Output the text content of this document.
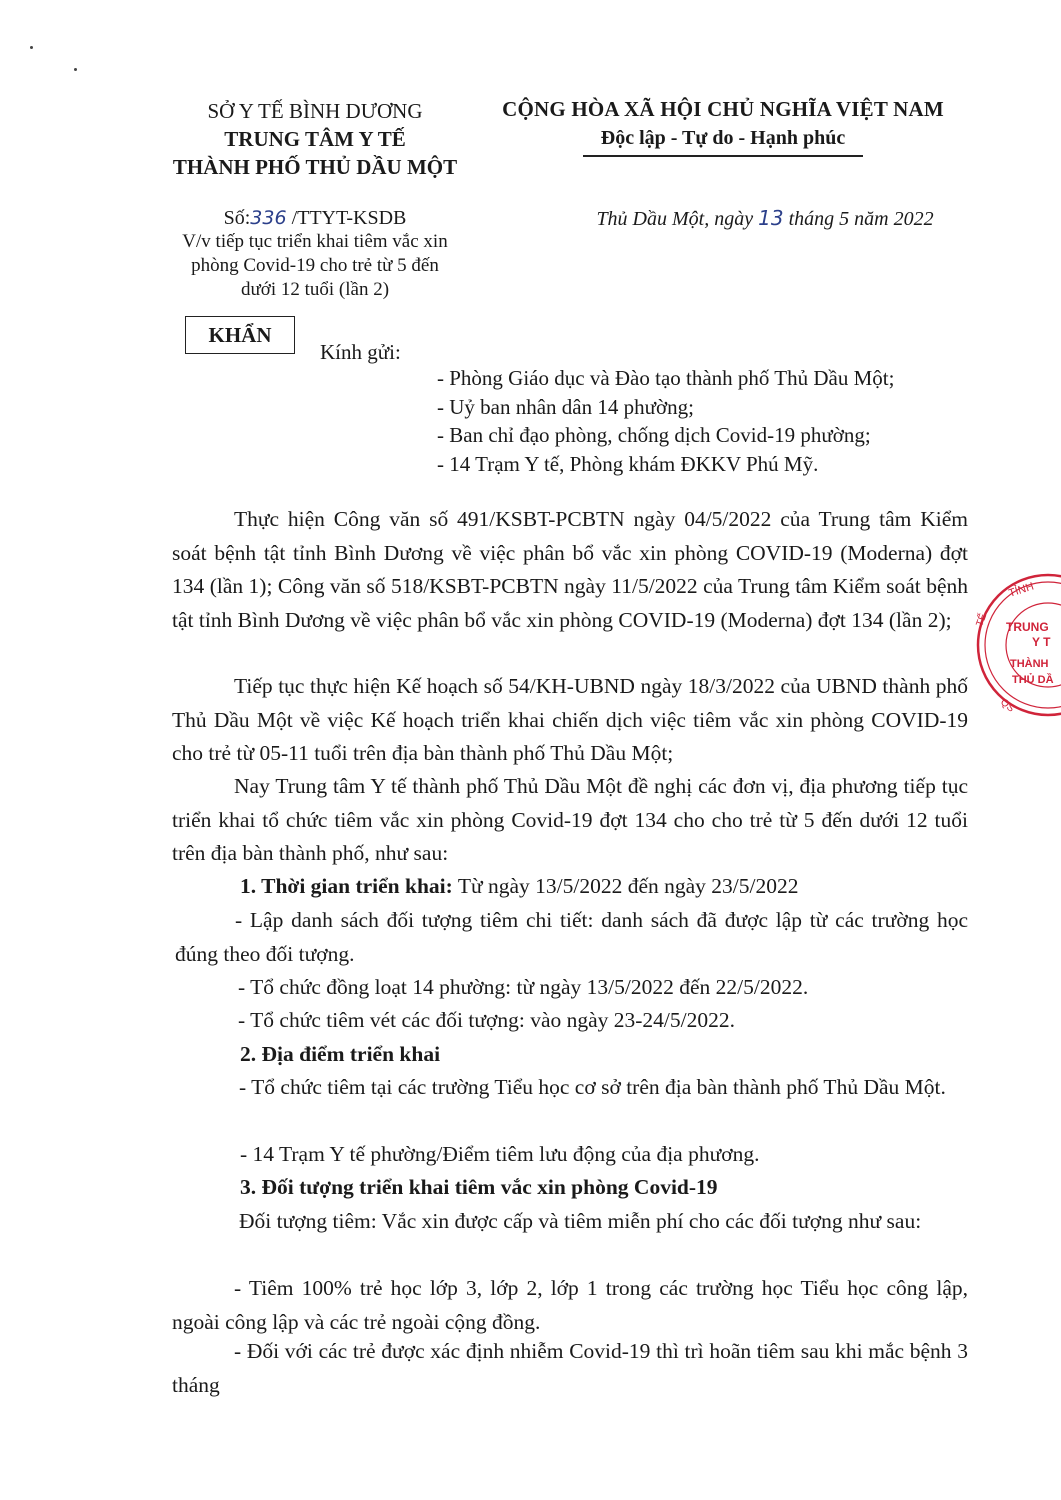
SỞ Y TẾ BÌNH DƯƠNG
TRUNG TÂM Y TẾ
THÀNH PHỐ THỦ DẦU MỘT
CỘNG HÒA XÃ HỘI CHỦ NGHĨA VIỆT NAM
Độc lập - Tự do - Hạnh phúc
Số:336 /TTYT-KSDB
V/v tiếp tục triển khai tiêm vắc xin
phòng Covid-19 cho trẻ từ 5 đến
dưới 12 tuổi (lần 2)
Thủ Dầu Một, ngày 13 tháng 5 năm 2022
KHẨN
Kính gửi:
- Phòng Giáo dục và Đào tạo thành phố Thủ Dầu Một;
- Uỷ ban nhân dân 14 phường;
- Ban chỉ đạo phòng, chống dịch Covid-19 phường;
- 14 Trạm Y tế, Phòng khám ĐKKV Phú Mỹ.
Thực hiện Công văn số 491/KSBT-PCBTN ngày 04/5/2022 của Trung tâm Kiểm soát bệnh tật tỉnh Bình Dương về việc phân bổ vắc xin phòng COVID-19 (Moderna) đợt 134 (lần 1); Công văn số 518/KSBT-PCBTN ngày 11/5/2022 của Trung tâm Kiểm soát bệnh tật tỉnh Bình Dương về việc phân bổ vắc xin phòng COVID-19 (Moderna) đợt 134 (lần 2);
Tiếp tục thực hiện Kế hoạch số 54/KH-UBND ngày 18/3/2022 của UBND thành phố Thủ Dầu Một về việc Kế hoạch triển khai chiến dịch việc tiêm vắc xin phòng COVID-19 cho trẻ từ 05-11 tuổi trên địa bàn thành phố Thủ Dầu Một;
Nay Trung tâm Y tế thành phố Thủ Dầu Một đề nghị các đơn vị, địa phương tiếp tục triển khai tổ chức tiêm vắc xin phòng Covid-19 đợt 134 cho cho trẻ từ 5 đến dưới 12 tuổi trên địa bàn thành phố, như sau:
1. Thời gian triển khai: Từ ngày 13/5/2022 đến ngày 23/5/2022
- Lập danh sách đối tượng tiêm chi tiết: danh sách đã được lập từ các trường học đúng theo đối tượng.
- Tổ chức đồng loạt 14 phường: từ ngày 13/5/2022 đến 22/5/2022.
- Tổ chức tiêm vét các đối tượng: vào ngày 23-24/5/2022.
2. Địa điểm triển khai
- Tổ chức tiêm tại các trường Tiểu học cơ sở trên địa bàn thành phố Thủ Dầu Một.
- 14 Trạm Y tế phường/Điểm tiêm lưu động của địa phương.
3. Đối tượng triển khai tiêm vắc xin phòng Covid-19
Đối tượng tiêm: Vắc xin được cấp và tiêm miễn phí cho các đối tượng như sau:
- Tiêm 100% trẻ học lớp 3, lớp 2, lớp 1 trong các trường học Tiểu học công lập, ngoài công lập và các trẻ ngoài cộng đồng.
- Đối với các trẻ được xác định nhiễm Covid-19 thì trì hoãn tiêm sau khi mắc bệnh 3 tháng
TỈNH
TẾ
QS
TRUNG
Y T
THÀNH
THỦ DẦ
